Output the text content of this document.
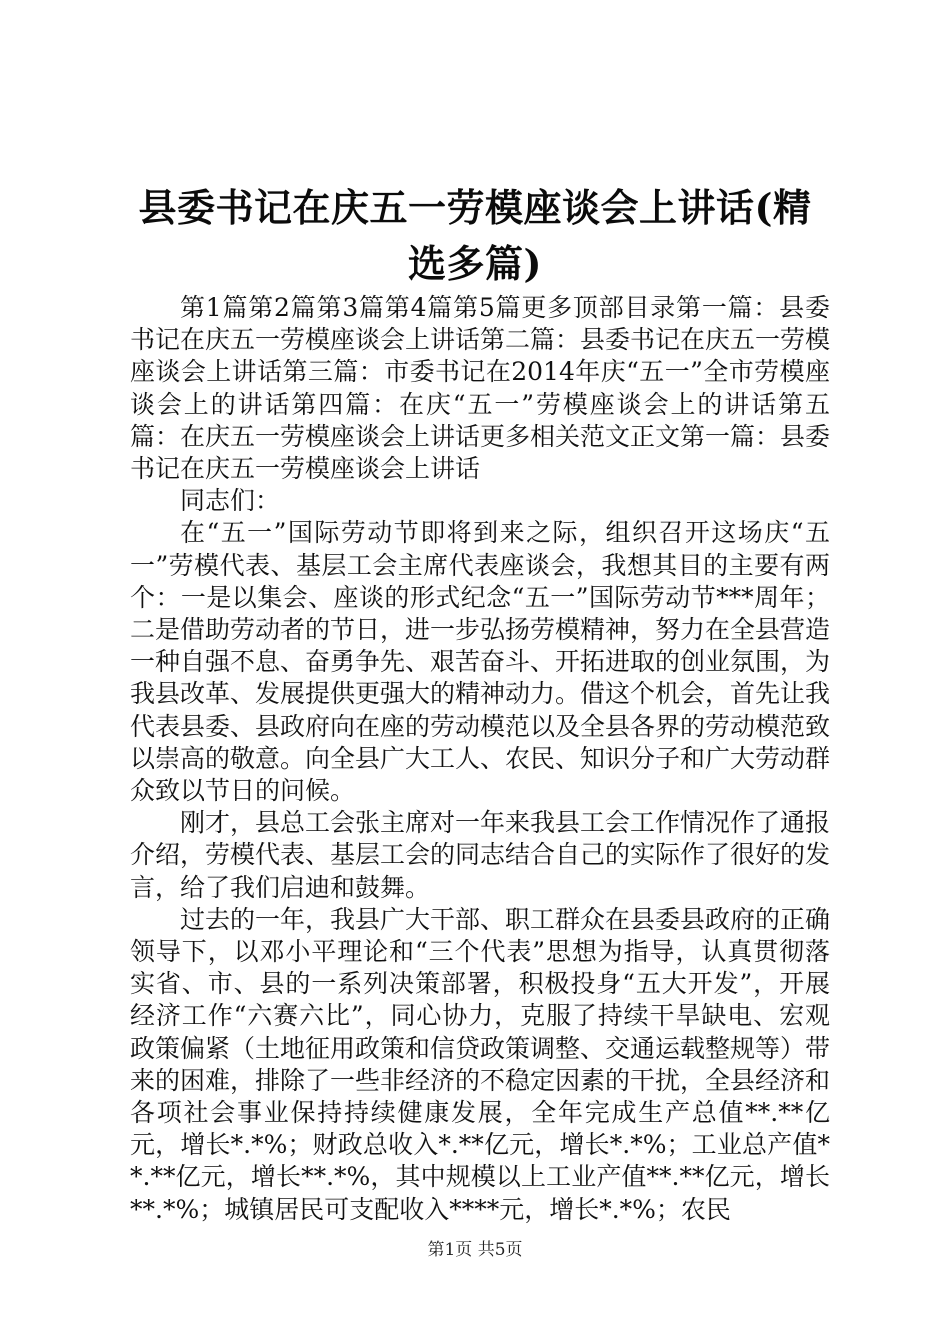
县委书记在庆五一劳模座谈会上讲话(精选多篇)

第1篇第2篇第3篇第4篇第5篇更多顶部目录第一篇：县委书记在庆五一劳模座谈会上讲话第二篇：县委书记在庆五一劳模座谈会上讲话第三篇：市委书记在2014年庆“五一”全市劳模座谈会上的讲话第四篇：在庆“五一”劳模座谈会上的讲话第五篇：在庆五一劳模座谈会上讲话更多相关范文正文第一篇：县委书记在庆五一劳模座谈会上讲话

同志们：

在“五一”国际劳动节即将到来之际，组织召开这场庆“五一”劳模代表、基层工会主席代表座谈会，我想其目的主要有两个：一是以集会、座谈的形式纪念“五一”国际劳动节***周年；二是借助劳动者的节日，进一步弘扬劳模精神，努力在全县营造一种自强不息、奋勇争先、艰苦奋斗、开拓进取的创业氛围，为我县改革、发展提供更强大的精神动力。借这个机会，首先让我代表县委、县政府向在座的劳动模范以及全县各界的劳动模范致以崇高的敬意。向全县广大工人、农民、知识分子和广大劳动群众致以节日的问候。

刚才，县总工会张主席对一年来我县工会工作情况作了通报介绍，劳模代表、基层工会的同志结合自己的实际作了很好的发言，给了我们启迪和鼓舞。

过去的一年，我县广大干部、职工群众在县委县政府的正确领导下，以邓小平理论和“三个代表”思想为指导，认真贯彻落实省、市、县的一系列决策部署，积极投身“五大开发”，开展经济工作“六赛六比”，同心协力，克服了持续干旱缺电、宏观政策偏紧（土地征用政策和信贷政策调整、交通运载整规等）带来的困难，排除了一些非经济的不稳定因素的干扰，全县经济和各项社会事业保持持续健康发展，全年完成生产总值**.**亿元，增长*.*%；财政总收入*.**亿元，增长*.*%；工业总产值**.**亿元，增长**.*%，其中规模以上工业产值**.**亿元，增长**.*%；城镇居民可支配收入****元，增长*.*%；农民

第1页 共5页
